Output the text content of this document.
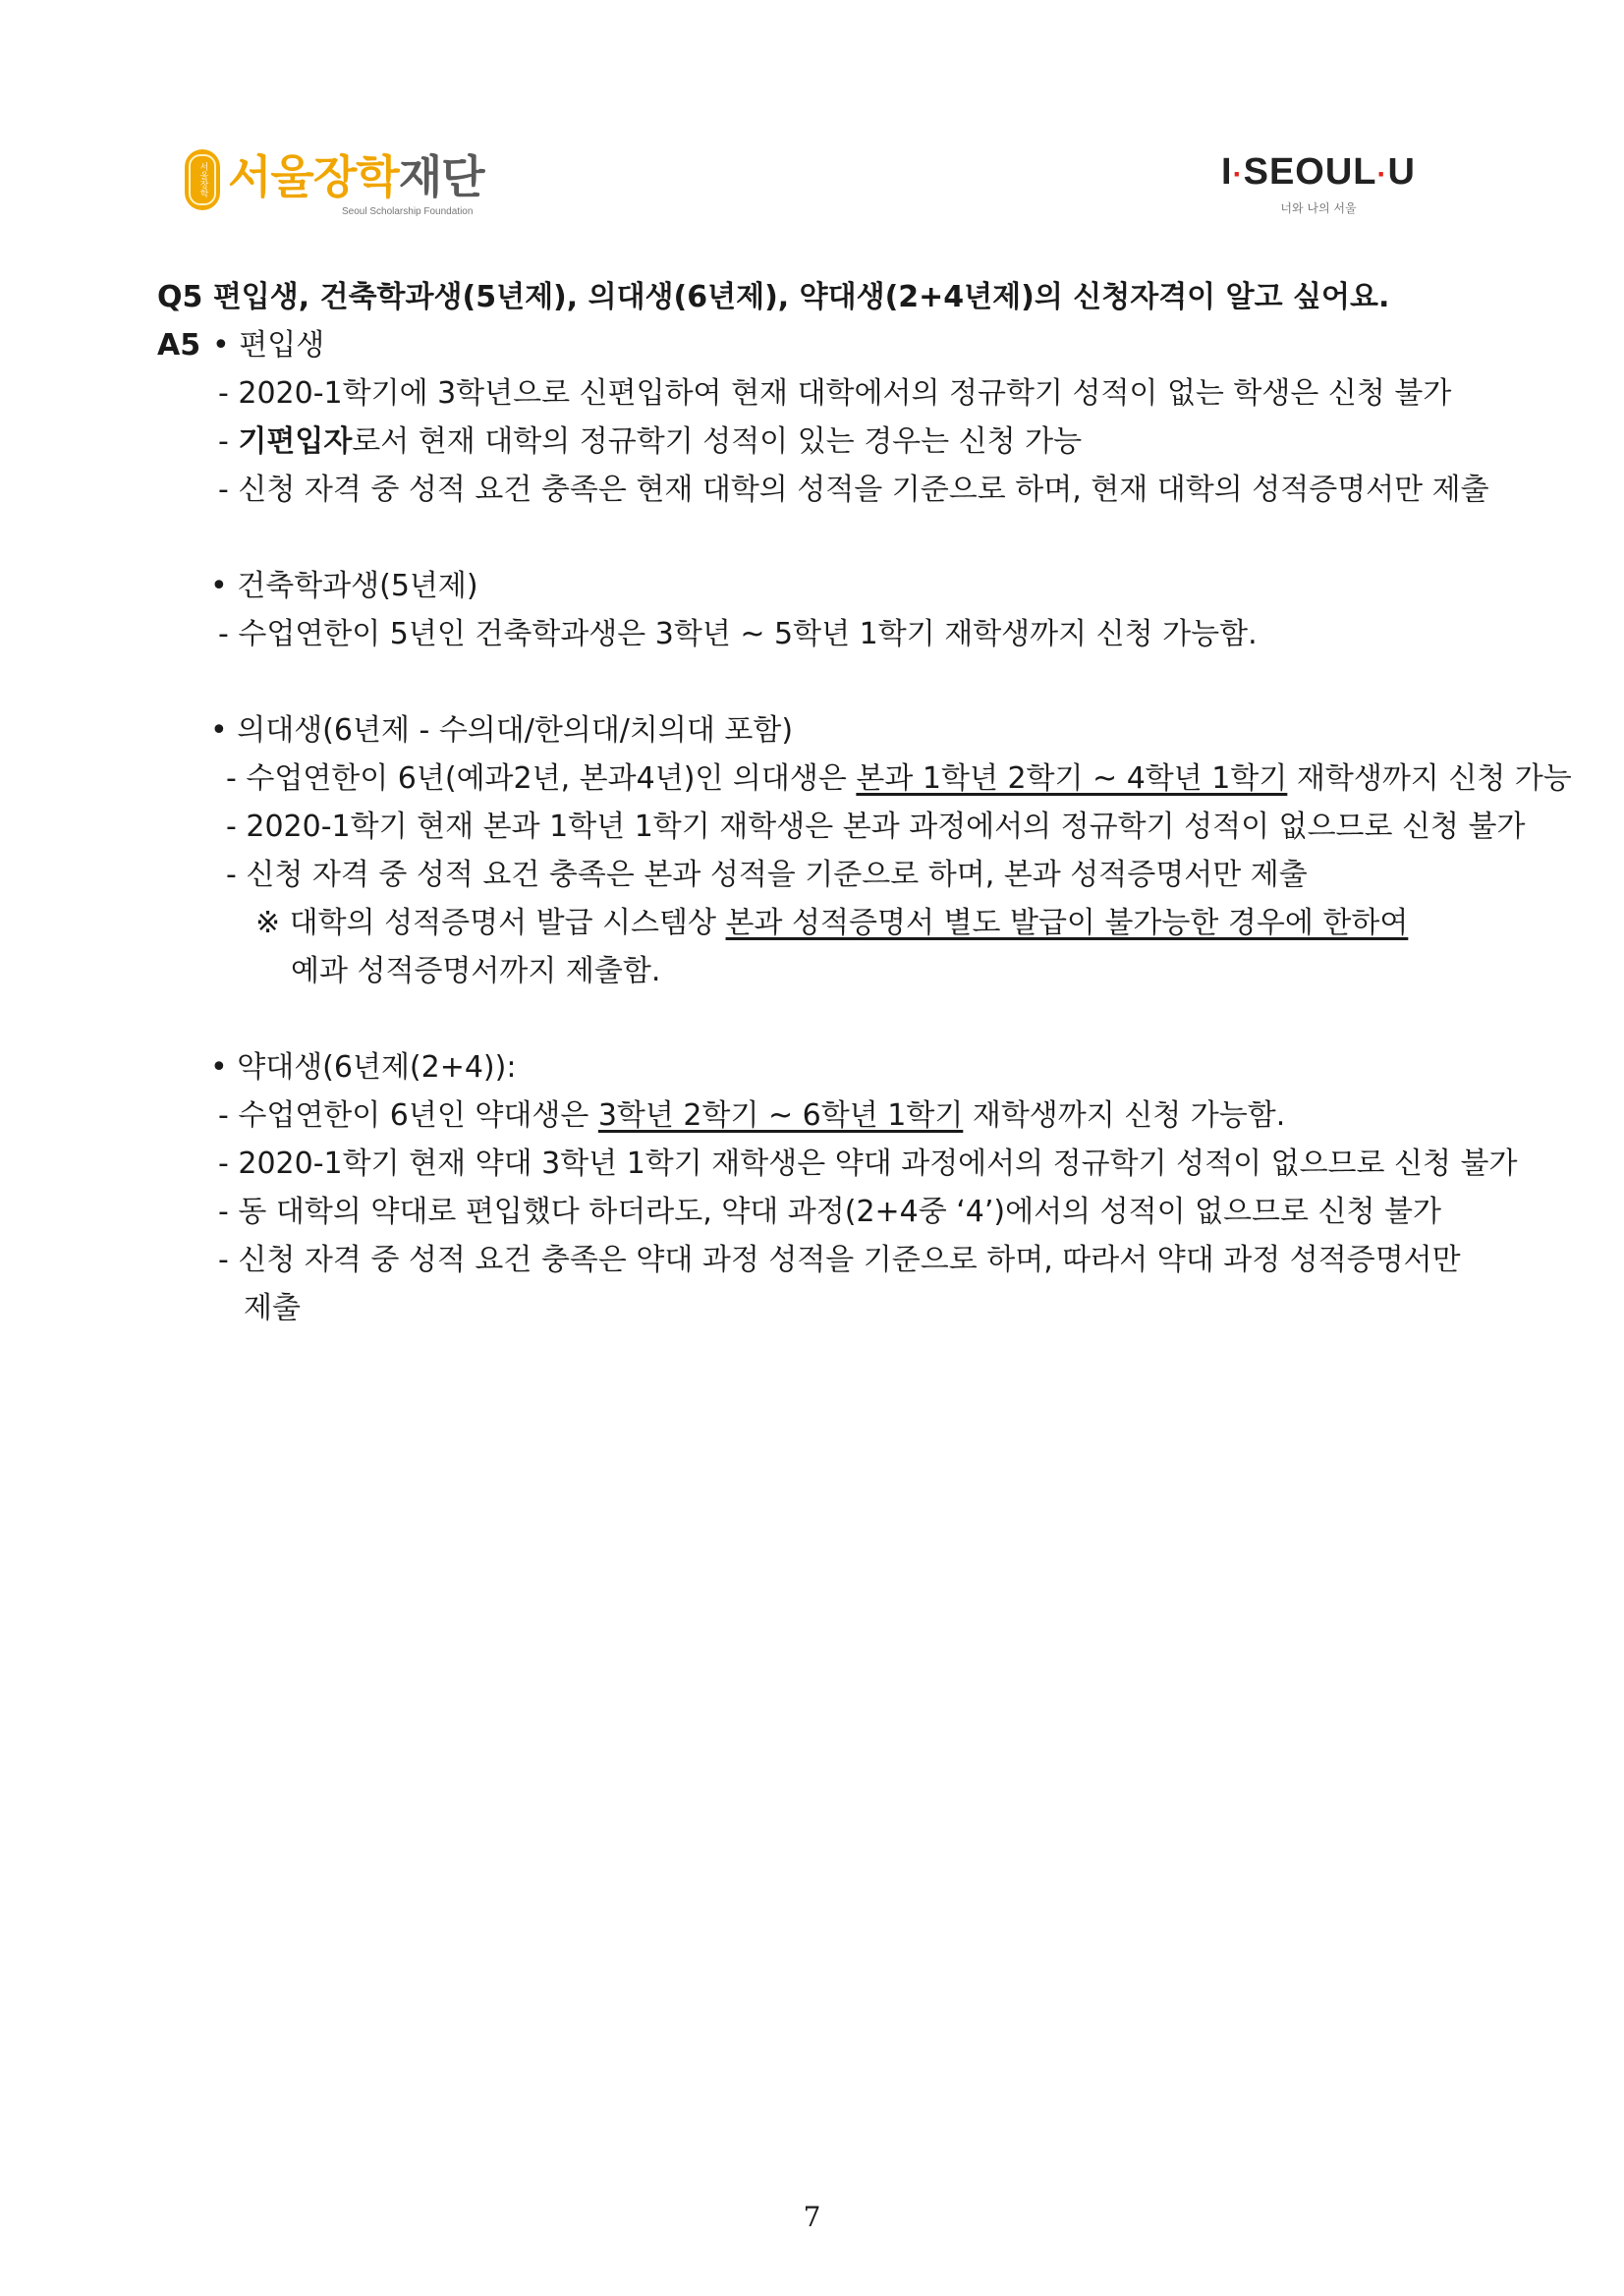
서울장학 서울장학재단
Seoul Scholarship Foundation
I·SEOUL·U
너와 나의 서울
Q5 편입생, 건축학과생(5년제), 의대생(6년제), 약대생(2+4년제)의 신청자격이 알고 싶어요.
A5 • 편입생
- 2020-1학기에 3학년으로 신편입하여 현재 대학에서의 정규학기 성적이 없는 학생은 신청 불가
- 기편입자로서 현재 대학의 정규학기 성적이 있는 경우는 신청 가능
- 신청 자격 중 성적 요건 충족은 현재 대학의 성적을 기준으로 하며, 현재 대학의 성적증명서만 제출
• 건축학과생(5년제)
- 수업연한이 5년인 건축학과생은 3학년 ~ 5학년 1학기 재학생까지 신청 가능함.
• 의대생(6년제 - 수의대/한의대/치의대 포함)
- 수업연한이 6년(예과2년, 본과4년)인 의대생은 본과 1학년 2학기 ~ 4학년 1학기 재학생까지 신청 가능
- 2020-1학기 현재 본과 1학년 1학기 재학생은 본과 과정에서의 정규학기 성적이 없으므로 신청 불가
- 신청 자격 중 성적 요건 충족은 본과 성적을 기준으로 하며, 본과 성적증명서만 제출
※ 대학의 성적증명서 발급 시스템상 본과 성적증명서 별도 발급이 불가능한 경우에 한하여
예과 성적증명서까지 제출함.
• 약대생(6년제(2+4)):
- 수업연한이 6년인 약대생은 3학년 2학기 ~ 6학년 1학기 재학생까지 신청 가능함.
- 2020-1학기 현재 약대 3학년 1학기 재학생은 약대 과정에서의 정규학기 성적이 없으므로 신청 불가
- 동 대학의 약대로 편입했다 하더라도, 약대 과정(2+4중 ‘4’)에서의 성적이 없으므로 신청 불가
- 신청 자격 중 성적 요건 충족은 약대 과정 성적을 기준으로 하며, 따라서 약대 과정 성적증명서만
제출
7
